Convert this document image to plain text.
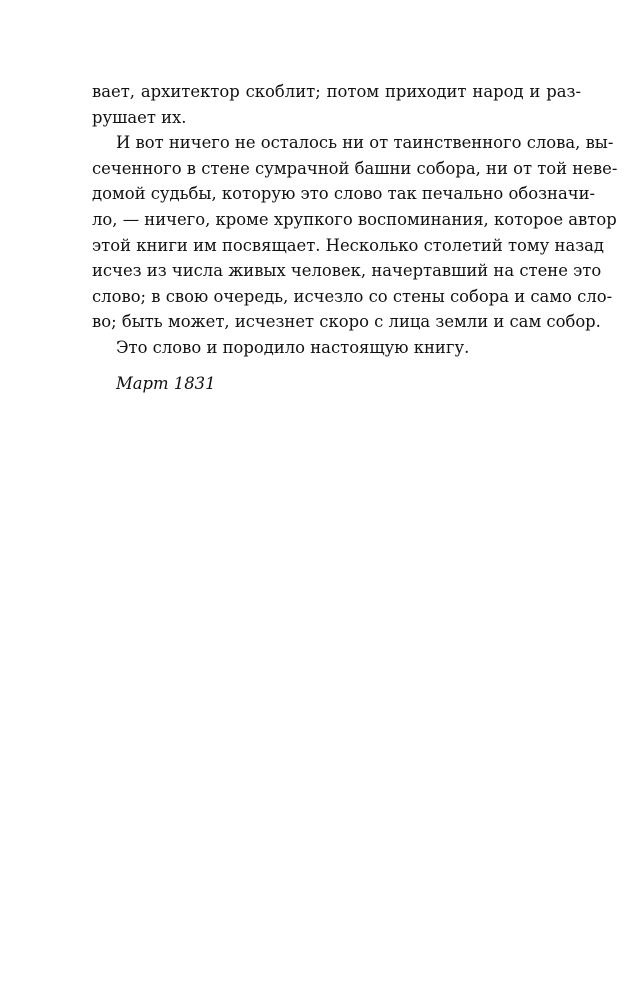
вает, архитектор скоблит; потом приходит народ и раз-
рушает их.
И вот ничего не осталось ни от таинственного слова, вы-
сеченного в стене сумрачной башни собора, ни от той неве-
домой судьбы, которую это слово так печально обозначи-
ло, — ничего, кроме хрупкого воспоминания, которое автор
этой книги им посвящает. Несколько столетий тому назад
исчез из числа живых человек, начертавший на стене это
слово; в свою очередь, исчезло со стены собора и само сло-
во; быть может, исчезнет скоро с лица земли и сам собор.
Это слово и породило настоящую книгу.
Март 1831
